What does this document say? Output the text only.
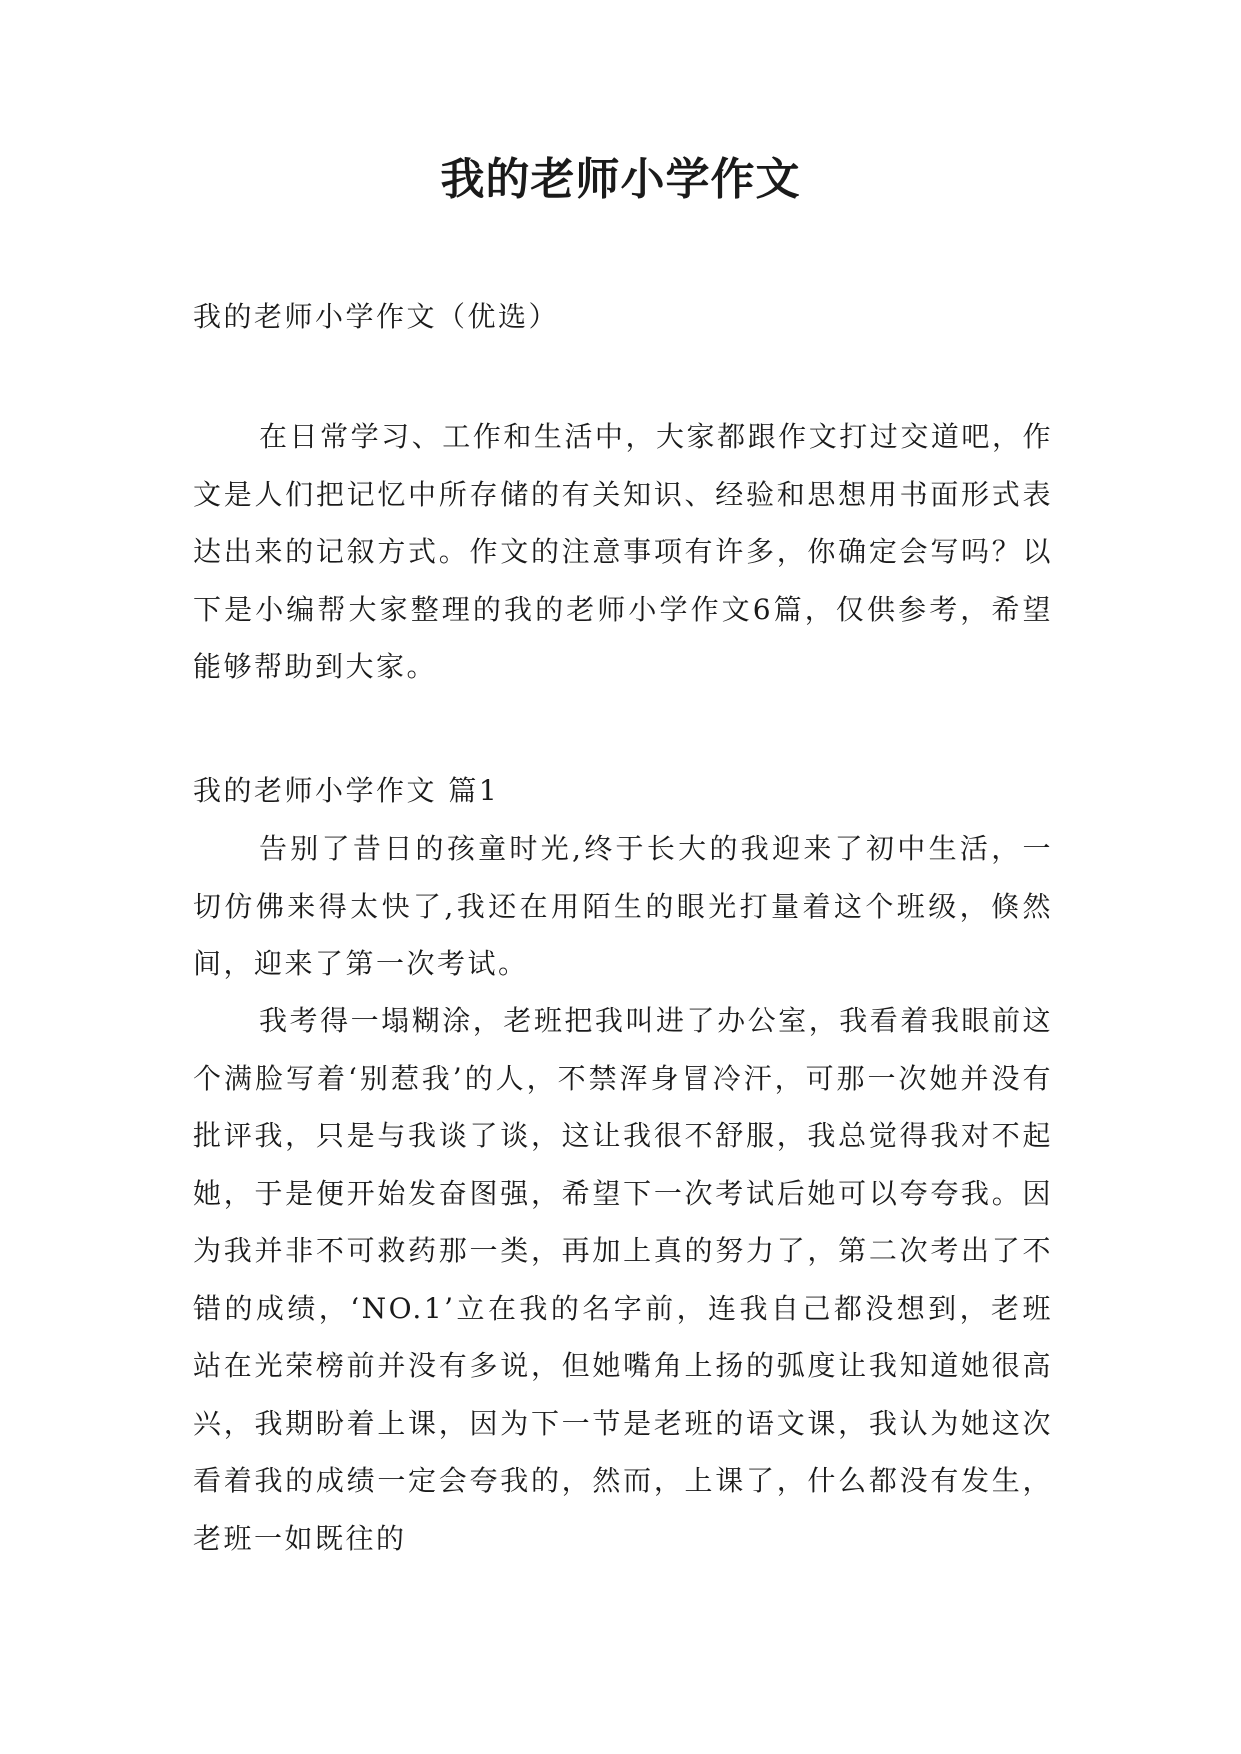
我的老师小学作文

我的老师小学作文（优选）

在日常学习、工作和生活中，大家都跟作文打过交道吧，作文是人们把记忆中所存储的有关知识、经验和思想用书面形式表达出来的记叙方式。作文的注意事项有许多，你确定会写吗？以下是小编帮大家整理的我的老师小学作文6篇，仅供参考，希望能够帮助到大家。

我的老师小学作文 篇1

告别了昔日的孩童时光,终于长大的我迎来了初中生活，一切仿佛来得太快了,我还在用陌生的眼光打量着这个班级，倏然间，迎来了第一次考试。

我考得一塌糊涂，老班把我叫进了办公室，我看着我眼前这个满脸写着‘别惹我’的人，不禁浑身冒冷汗，可那一次她并没有批评我，只是与我谈了谈，这让我很不舒服，我总觉得我对不起她，于是便开始发奋图强，希望下一次考试后她可以夸夸我。因为我并非不可救药那一类，再加上真的努力了，第二次考出了不错的成绩，‘NO.1’立在我的名字前，连我自己都没想到，老班站在光荣榜前并没有多说，但她嘴角上扬的弧度让我知道她很高兴，我期盼着上课，因为下一节是老班的语文课，我认为她这次看着我的成绩一定会夸我的，然而，上课了，什么都没有发生，老班一如既往的
